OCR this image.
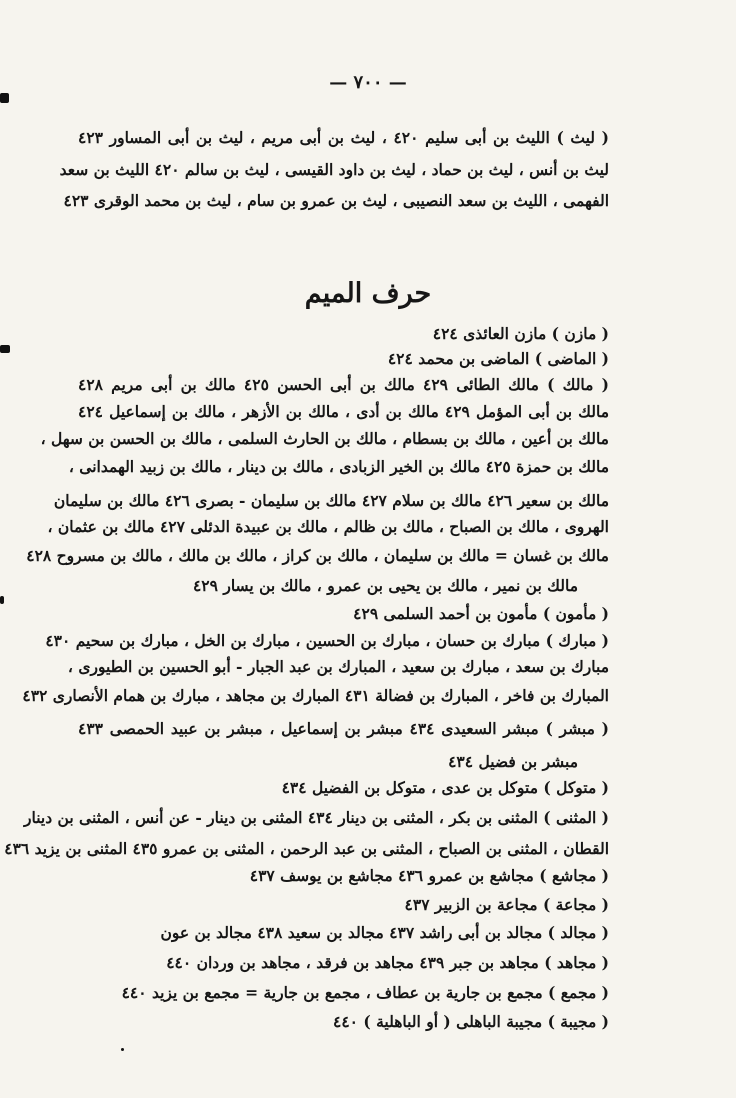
— ٧٠٠ —
( ليث ) الليث بن أبى سليم ٤٢٠ ، ليث بن أبى مريم ، ليث بن أبى المساور ٤٢٣
ليث بن أنس ، ليث بن حماد ، ليث بن داود القيسى ، ليث بن سالم ٤٢٠ الليث بن سعد
الفهمى ، الليث بن سعد النصيبى ، ليث بن عمرو بن سام ، ليث بن محمد الوقرى ٤٢٣
حرف الميم
( مازن ) مازن العائذى ٤٢٤
( الماضى ) الماضى بن محمد ٤٢٤
( مالك ) مالك الطائى ٤٢٩ مالك بن أبى الحسن ٤٢٥ مالك بن أبى مريم ٤٢٨
مالك بن أبى المؤمل ٤٢٩ مالك بن أدى ، مالك بن الأزهر ، مالك بن إسماعيل ٤٢٤
مالك بن أعين ، مالك بن بسطام ، مالك بن الحارث السلمى ، مالك بن الحسن بن سهل ،
مالك بن حمزة ٤٢٥ مالك بن الخير الزبادى ، مالك بن دينار ، مالك بن زبيد الهمدانى ،
مالك بن سعير ٤٢٦ مالك بن سلام ٤٢٧ مالك بن سليمان - بصرى ٤٢٦ مالك بن سليمان
الهروى ، مالك بن الصباح ، مالك بن ظالم ، مالك بن عبيدة الدئلى ٤٢٧ مالك بن عثمان ،
مالك بن غسان = مالك بن سليمان ، مالك بن كراز ، مالك بن مالك ، مالك بن مسروح ٤٢٨
مالك بن نمير ، مالك بن يحيى بن عمرو ، مالك بن يسار ٤٢٩
( مأمون ) مأمون بن أحمد السلمى ٤٢٩
( مبارك ) مبارك بن حسان ، مبارك بن الحسين ، مبارك بن الخل ، مبارك بن سحيم ٤٣٠
مبارك بن سعد ، مبارك بن سعيد ، المبارك بن عبد الجبار - أبو الحسين بن الطيورى ،
المبارك بن فاخر ، المبارك بن فضالة ٤٣١ المبارك بن مجاهد ، مبارك بن همام الأنصارى ٤٣٢
( مبشر ) مبشر السعيدى ٤٣٤ مبشر بن إسماعيل ، مبشر بن عبيد الحمصى ٤٣٣
مبشر بن فضيل ٤٣٤
( متوكل ) متوكل بن عدى ، متوكل بن الفضيل ٤٣٤
( المثنى ) المثنى بن بكر ، المثنى بن دينار ٤٣٤ المثنى بن دينار - عن أنس ، المثنى بن دينار
القطان ، المثنى بن الصباح ، المثنى بن عبد الرحمن ، المثنى بن عمرو ٤٣٥ المثنى بن يزيد ٤٣٦
( مجاشع ) مجاشع بن عمرو ٤٣٦ مجاشع بن يوسف ٤٣٧
( مجاعة ) مجاعة بن الزبير ٤٣٧
( مجالد ) مجالد بن أبى راشد ٤٣٧ مجالد بن سعيد ٤٣٨ مجالد بن عون
( مجاهد ) مجاهد بن جبر ٤٣٩ مجاهد بن فرقد ، مجاهد بن وردان ٤٤٠
( مجمع ) مجمع بن جارية بن عطاف ، مجمع بن جارية = مجمع بن يزيد ٤٤٠
( مجيبة ) مجيبة الباهلى ( أو الباهلية ) ٤٤٠
